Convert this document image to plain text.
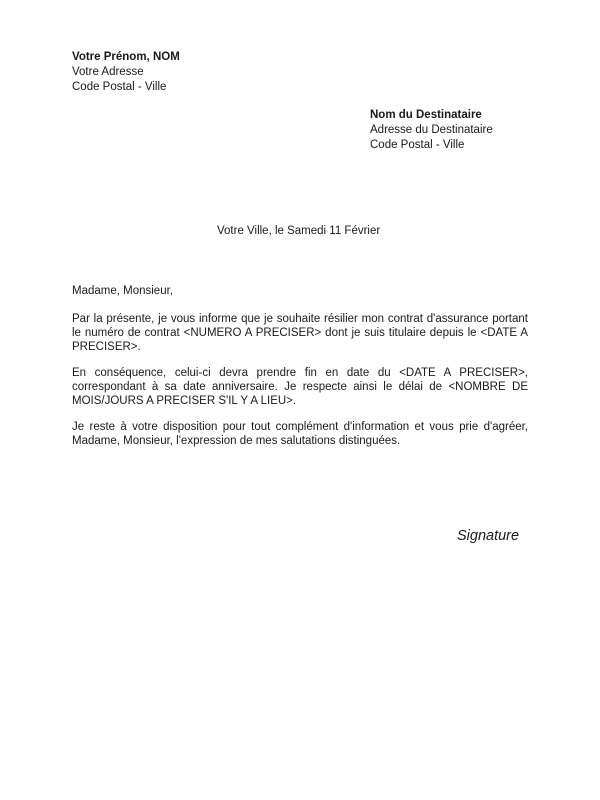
Votre Prénom, NOM
Votre Adresse
Code Postal - Ville
Nom du Destinataire
Adresse du Destinataire
Code Postal - Ville
Votre Ville, le Samedi 11 Février

Madame, Monsieur,

Par la présente, je vous informe que je souhaite résilier mon contrat d'assurance portant le numéro de contrat <NUMERO A PRECISER> dont je suis titulaire depuis le <DATE A PRECISER>.

En conséquence, celui-ci devra prendre fin en date du <DATE A PRECISER>, correspondant à sa date anniversaire. Je respecte ainsi le délai de <NOMBRE DE MOIS/JOURS A PRECISER S'IL Y A LIEU>.

Je reste à votre disposition pour tout complément d'information et vous prie d'agréer, Madame, Monsieur, l'expression de mes salutations distinguées.

Signature
